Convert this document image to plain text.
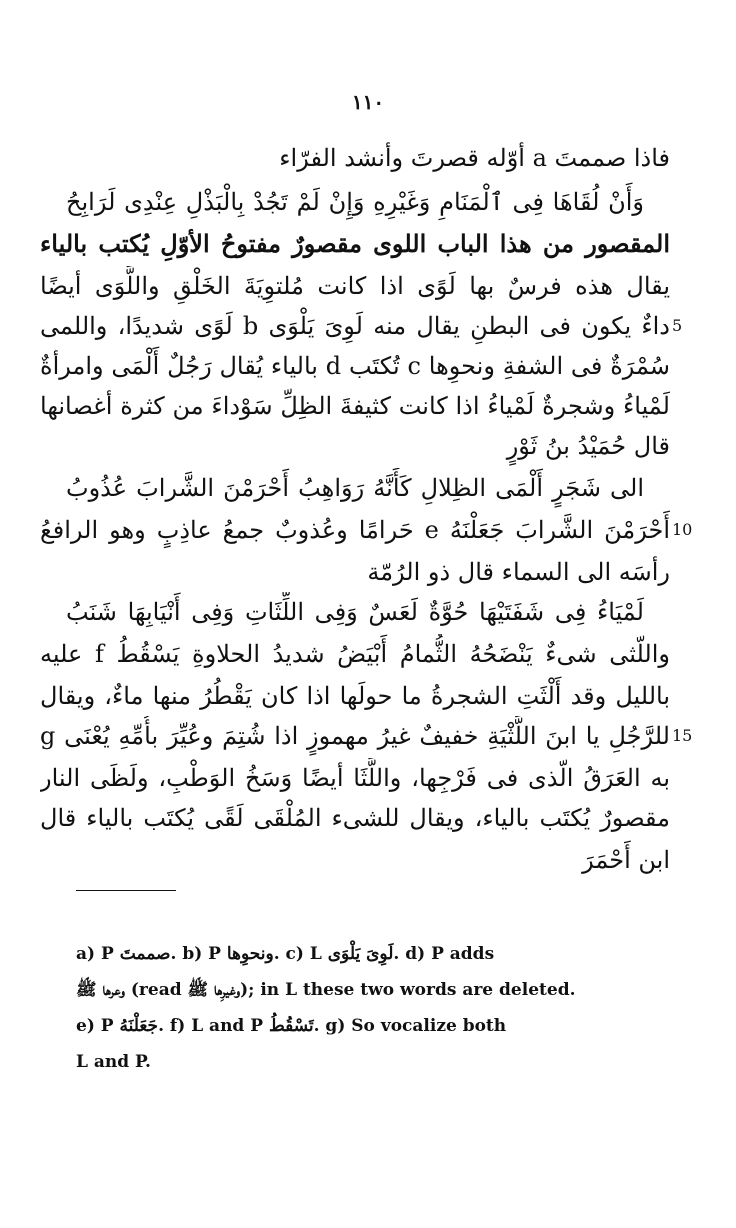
١١٠
فاذا صممتَ a أوّله قصرتَ وأنشد الفرّاء
وَأَنْ لُقَاهَا فِى ٱلْمَنَامِ وَغَيْرِهِ وَإِنْ لَمْ تَجُدْ بِالْبَذْلِ عِنْدِى لَرَابِحُ
المقصور من هذا الباب اللوى مقصورٌ مفتوحُ الأوّلِ يُكتب بالياء
يقال هذه فرسٌ بها لَوًى اذا كانت مُلتوِيَةَ الخَلْقِ واللَّوَى أيضًا
داءٌ يكون فى البطنِ يقال منه لَوِىَ يَلْوَى b لَوًى شديدًا، واللمى 5
سُمْرَةٌ فى الشفةِ ونحوِها c تُكتَب d بالياء يُقال رَجُلٌ أَلْمَى وامرأةٌ
لَمْياءُ وشجرةٌ لَمْياءُ اذا كانت كثيفةَ الظِلِّ سَوْداءَ من كثرة أغصانها
قال حُمَيْدُ بنُ ثَوْرٍ
الى شَجَرٍ أَلْمَى الظِلالِ كَأَنَّهُ رَوَاهِبُ أَحْرَمْنَ الشَّرابَ عُذُوبُ
أَحْرَمْنَ الشَّرابَ جَعَلْنَهُ e حَرامًا وعُذوبٌ جمعُ عاذِبٍ وهو الرافعُ 10
رأسَه الى السماء قال ذو الرُمّة
لَمْيَاءُ فِى شَفَتَيْهَا حُوَّةٌ لَعَسٌ وَفِى اللِّثَاتِ وَفِى أَنْيَابِهَا شَنَبُ
واللّثى شىءٌ يَنْضَحُهُ الثُّمامُ أَبْيَضُ شديدُ الحلاوةِ يَسْقُطُ f عليه
بالليل وقد أَلْثَتِ الشجرةُ ما حولَها اذا كان يَقْطُرُ منها ماءٌ، ويقال
للرَّجُلِ يا ابنَ اللَّثْيَةِ خفيفٌ غيرُ مهموزٍ اذا شُتِمَ وعُيِّرَ بأُمِّهِ يُعْنَى g 15
به العَرَقُ الّذى فى فَرْجِها، واللَّثَا أيضًا وَسَخُ الوَطْبِ، ولَظَى النار
مقصورٌ يُكتَب بالياء، ويقال للشىء المُلْقَى لَقًى يُكتَب بالياء قال
ابن أَحْمَرَ
a) P صممتَ. b) P ونحوِها. c) L لَوِىَ يَلْوَى. d) P adds
وعرها ﷺ (read وغيرِها ﷺ); in L these two words are deleted.
e) P جَعَلْنَهُ. f) L and P تَسْقُطُ. g) So vocalize both
L and P.
